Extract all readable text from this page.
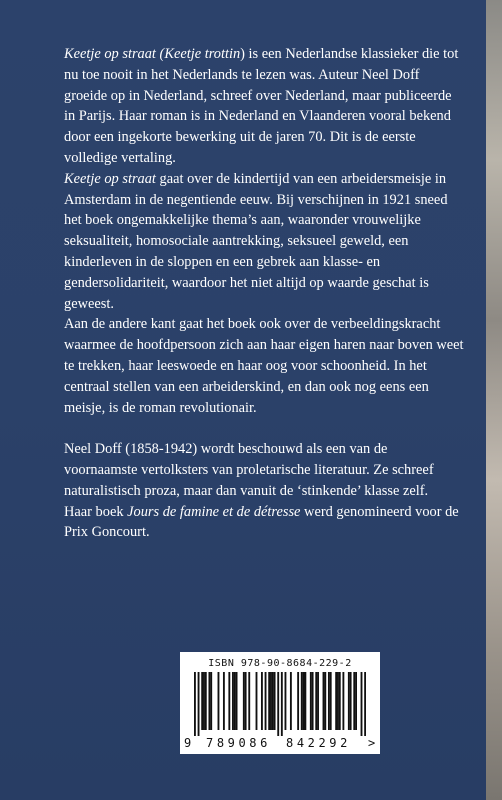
Keetje op straat (Keetje trottin) is een Nederlandse klassieker die tot nu toe nooit in het Nederlands te lezen was. Auteur Neel Doff groeide op in Nederland, schreef over Nederland, maar publiceerde in Parijs. Haar roman is in Nederland en Vlaanderen vooral bekend door een ingekorte bewerking uit de jaren 70. Dit is de eerste volledige vertaling.

Keetje op straat gaat over de kindertijd van een arbeidersmeisje in Amsterdam in de negentiende eeuw. Bij verschijnen in 1921 sneed het boek ongemakkelijke thema’s aan, waaronder vrouwelijke seksualiteit, homosociale aantrekking, seksueel geweld, een kinderleven in de sloppen en een gebrek aan klasse- en gendersolidariteit, waardoor het niet altijd op waarde geschat is geweest.

Aan de andere kant gaat het boek ook over de verbeeldingskracht waarmee de hoofdpersoon zich aan haar eigen haren naar boven weet te trekken, haar leeswoede en haar oog voor schoonheid. In het centraal stellen van een arbeiderskind, en dan ook nog eens een meisje, is de roman revolutionair.

Neel Doff (1858-1942) wordt beschouwd als een van de voornaamste vertolksters van proletarische literatuur. Ze schreef naturalistisch proza, maar dan vanuit de ‘stinkende’ klasse zelf.

Haar boek Jours de famine et de détresse werd genomineerd voor de Prix Goncourt.

ISBN 978-90-8684-229-2
9 789086 842292 >
